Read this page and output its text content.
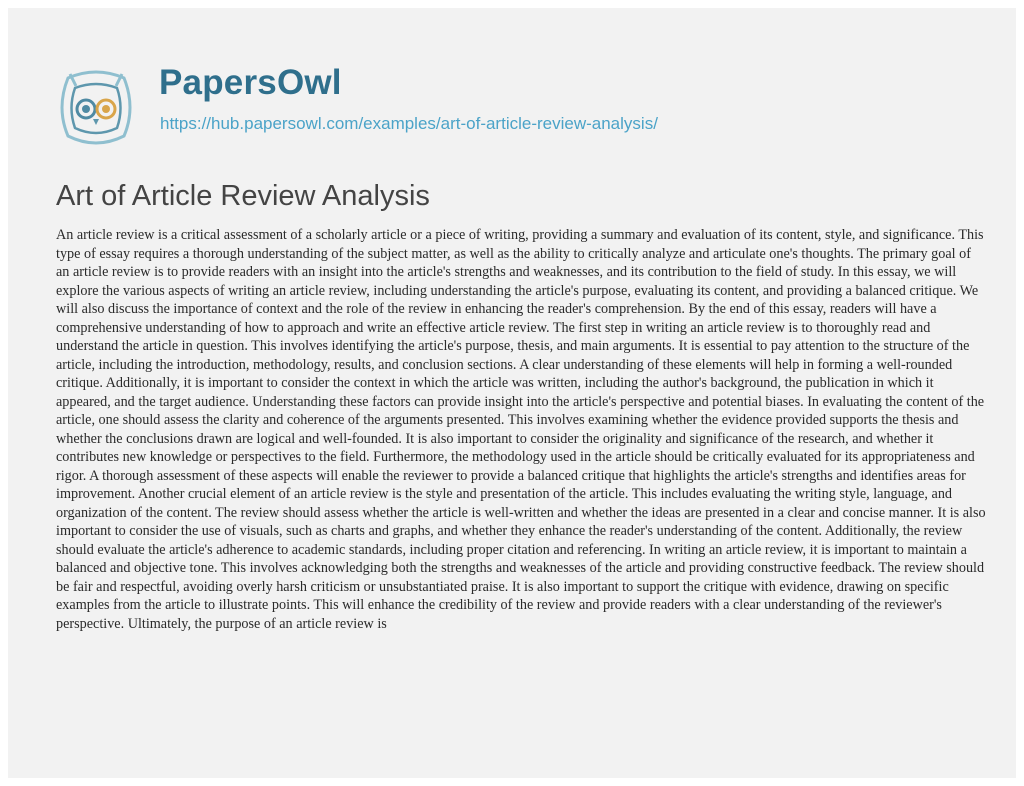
PapersOwl
https://hub.papersowl.com/examples/art-of-article-review-analysis/
Art of Article Review Analysis

An article review is a critical assessment of a scholarly article or a piece of writing, providing a summary and evaluation of its content, style, and significance. This type of essay requires a thorough understanding of the subject matter, as well as the ability to critically analyze and articulate one's thoughts. The primary goal of an article review is to provide readers with an insight into the article's strengths and weaknesses, and its contribution to the field of study. In this essay, we will explore the various aspects of writing an article review, including understanding the article's purpose, evaluating its content, and providing a balanced critique. We will also discuss the importance of context and the role of the review in enhancing the reader's comprehension. By the end of this essay, readers will have a comprehensive understanding of how to approach and write an effective article review. The first step in writing an article review is to thoroughly read and understand the article in question. This involves identifying the article's purpose, thesis, and main arguments. It is essential to pay attention to the structure of the article, including the introduction, methodology, results, and conclusion sections. A clear understanding of these elements will help in forming a well-rounded critique. Additionally, it is important to consider the context in which the article was written, including the author's background, the publication in which it appeared, and the target audience. Understanding these factors can provide insight into the article's perspective and potential biases. In evaluating the content of the article, one should assess the clarity and coherence of the arguments presented. This involves examining whether the evidence provided supports the thesis and whether the conclusions drawn are logical and well-founded. It is also important to consider the originality and significance of the research, and whether it contributes new knowledge or perspectives to the field. Furthermore, the methodology used in the article should be critically evaluated for its appropriateness and rigor. A thorough assessment of these aspects will enable the reviewer to provide a balanced critique that highlights the article's strengths and identifies areas for improvement. Another crucial element of an article review is the style and presentation of the article. This includes evaluating the writing style, language, and organization of the content. The review should assess whether the article is well-written and whether the ideas are presented in a clear and concise manner. It is also important to consider the use of visuals, such as charts and graphs, and whether they enhance the reader's understanding of the content. Additionally, the review should evaluate the article's adherence to academic standards, including proper citation and referencing. In writing an article review, it is important to maintain a balanced and objective tone. This involves acknowledging both the strengths and weaknesses of the article and providing constructive feedback. The review should be fair and respectful, avoiding overly harsh criticism or unsubstantiated praise. It is also important to support the critique with evidence, drawing on specific examples from the article to illustrate points. This will enhance the credibility of the review and provide readers with a clear understanding of the reviewer's perspective. Ultimately, the purpose of an article review is
